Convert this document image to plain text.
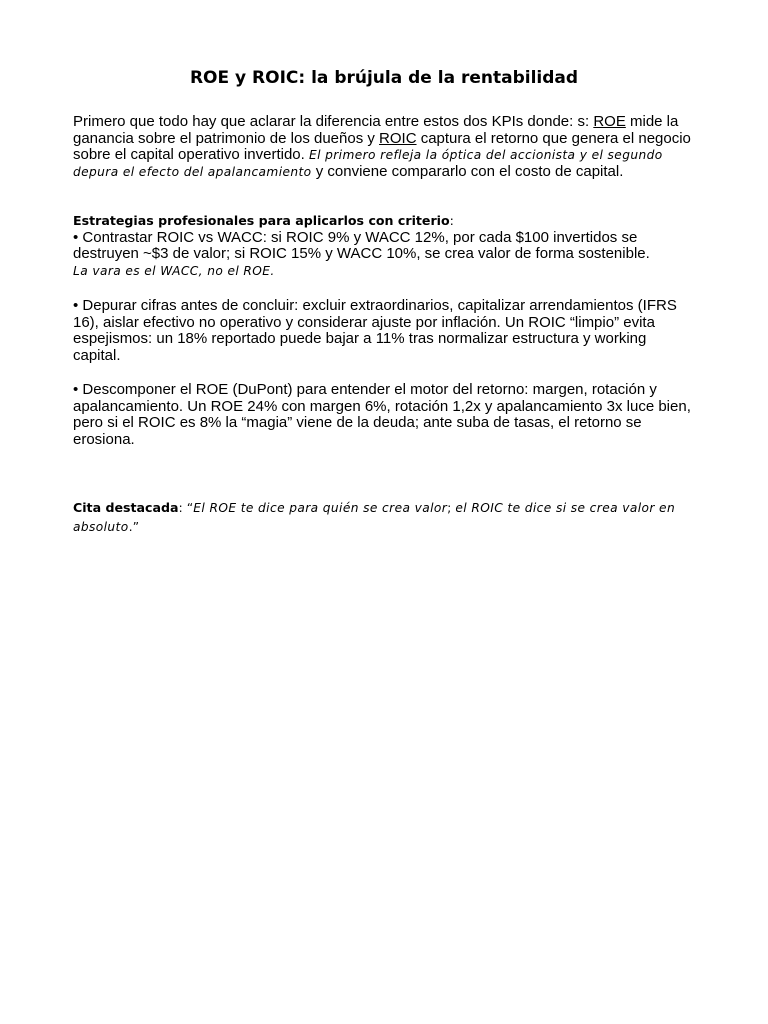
ROE y ROIC: la brújula de la rentabilidad

Primero que todo hay que aclarar la diferencia entre estos dos KPIs donde: s: ROE mide la ganancia sobre el patrimonio de los dueños y ROIC captura el retorno que genera el negocio sobre el capital operativo invertido. El primero refleja la óptica del accionista y el segundo depura el efecto del apalancamiento y conviene compararlo con el costo de capital.

Estrategias profesionales para aplicarlos con criterio:
• Contrastar ROIC vs WACC: si ROIC 9% y WACC 12%, por cada $100 invertidos se destruyen ~$3 de valor; si ROIC 15% y WACC 10%, se crea valor de forma sostenible.
La vara es el WACC, no el ROE.

• Depurar cifras antes de concluir: excluir extraordinarios, capitalizar arrendamientos (IFRS 16), aislar efectivo no operativo y considerar ajuste por inflación. Un ROIC “limpio” evita espejismos: un 18% reportado puede bajar a 11% tras normalizar estructura y working capital.

• Descomponer el ROE (DuPont) para entender el motor del retorno: margen, rotación y apalancamiento. Un ROE 24% con margen 6%, rotación 1,2x y apalancamiento 3x luce bien, pero si el ROIC es 8% la “magia” viene de la deuda; ante suba de tasas, el retorno se erosiona.

Cita destacada: “El ROE te dice para quién se crea valor; el ROIC te dice si se crea valor en absoluto.”
